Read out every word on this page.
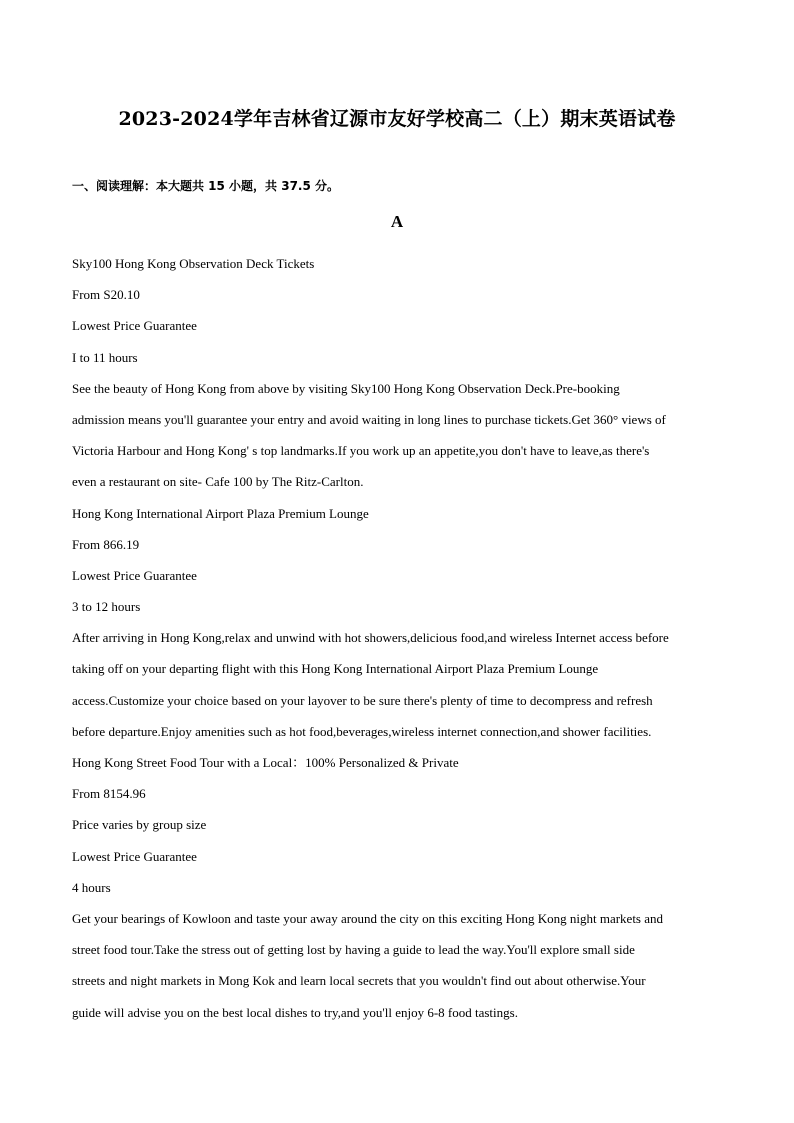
2023-2024学年吉林省辽源市友好学校高二（上）期末英语试卷
一、阅读理解：本大题共 15 小题，共 37.5 分。
A
Sky100 Hong Kong Observation Deck Tickets
From S20.10
Lowest Price Guarantee
I to 11 hours
See the beauty of Hong Kong from above by visiting Sky100 Hong Kong Observation Deck.Pre-booking
admission means you'll guarantee your entry and avoid waiting in long lines to purchase tickets.Get 360° views of
Victoria Harbour and Hong Kong' s top landmarks.If you work up an appetite,you don't have to leave,as there's
even a restaurant on site- Cafe 100 by The Ritz-Carlton.
Hong Kong International Airport Plaza Premium Lounge
From 866.19
Lowest Price Guarantee
3 to 12 hours
After arriving in Hong Kong,relax and unwind with hot showers,delicious food,and wireless Internet access before
taking off on your departing flight with this Hong Kong International Airport Plaza Premium Lounge
access.Customize your choice based on your layover to be sure there's plenty of time to decompress and refresh
before departure.Enjoy amenities such as hot food,beverages,wireless internet connection,and shower facilities.
Hong Kong Street Food Tour with a Local：100% Personalized & Private
From 8154.96
Price varies by group size
Lowest Price Guarantee
4 hours
Get your bearings of Kowloon and taste your away around the city on this exciting Hong Kong night markets and
street food tour.Take the stress out of getting lost by having a guide to lead the way.You'll explore small side
streets and night markets in Mong Kok and learn local secrets that you wouldn't find out about otherwise.Your
guide will advise you on the best local dishes to try,and you'll enjoy 6-8 food tastings.
